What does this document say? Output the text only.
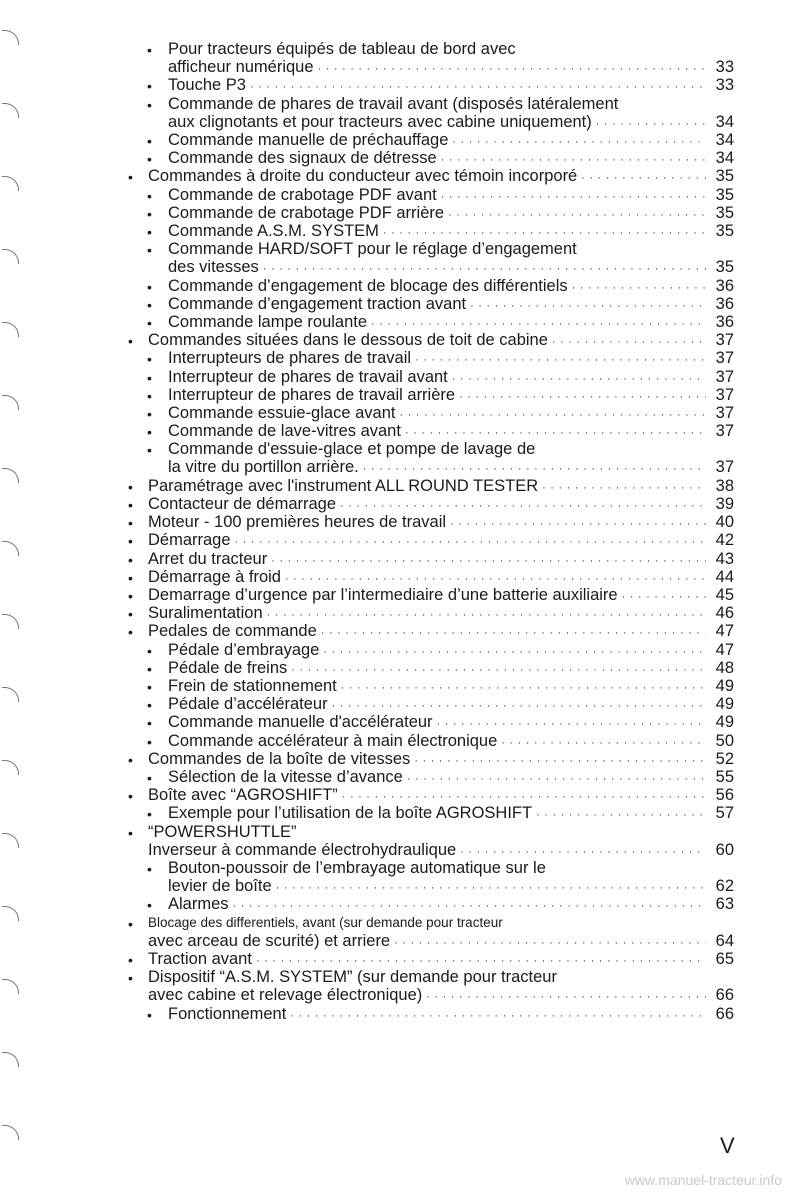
• Pour tracteurs équipés de tableau de bord avec
afficheur numérique ·····	33
• Touche P3 ·····	33
• Commande de phares de travail avant (disposés latéralement
aux clignotants et pour tracteurs avec cabine uniquement) ·····	34
• Commande manuelle de préchauffage ·····	34
• Commande des signaux de détresse ·····	34
• Commandes à droite du conducteur avec témoin incorporé ·····	35
• Commande de crabotage PDF avant ·····	35
• Commande de crabotage PDF arrière ·····	35
• Commande A.S.M. SYSTEM ·····	35
• Commande HARD/SOFT pour le réglage d’engagement
des vitesses ·····	35
• Commande d’engagement de blocage des différentiels ·····	36
• Commande d’engagement traction avant ·····	36
• Commande lampe roulante ·····	36
• Commandes situées dans le dessous de toit de cabine ·····	37
• Interrupteurs de phares de travail ·····	37
• Interrupteur de phares de travail avant ·····	37
• Interrupteur de phares de travail arrière ·····	37
• Commande essuie-glace avant ·····	37
• Commande de lave-vitres avant ·····	37
• Commande d'essuie-glace et pompe de lavage de
la vitre du portillon arrière. ·····	37
• Paramétrage avec l'instrument ALL ROUND TESTER ·····	38
• Contacteur de démarrage ·····	39
• Moteur - 100 premières heures de travail ·····	40
• Démarrage ·····	42
• Arret du tracteur ·····	43
• Démarrage à froid ·····	44
• Demarrage d’urgence par l’intermediaire d’une batterie auxiliaire ·····	45
• Suralimentation ·····	46
• Pedales de commande ·····	47
• Pédale d’embrayage ·····	47
• Pédale de freins ·····	48
• Frein de stationnement ·····	49
• Pédale d’accélérateur ·····	49
• Commande manuelle d'accélérateur ·····	49
• Commande accélérateur à main électronique ·····	50
• Commandes de la boîte de vitesses ·····	52
• Sélection de la vitesse d’avance ·····	55
• Boîte avec “AGROSHIFT” ·····	56
• Exemple pour l’utilisation de la boîte AGROSHIFT ·····	57
• “POWERSHUTTLE”
Inverseur à commande électrohydraulique ·····	60
• Bouton-poussoir de l’embrayage automatique sur le
levier de boîte ·····	62
• Alarmes ·····	63
• Blocage des differentiels, avant (sur demande pour tracteur
avec arceau de scurité) et arriere ·····	64
• Traction avant ·····	65
• Dispositif “A.S.M. SYSTEM” (sur demande pour tracteur
avec cabine et relevage électronique) ·····	66
• Fonctionnement ·····	66
V
www.manuel-tracteur.info
